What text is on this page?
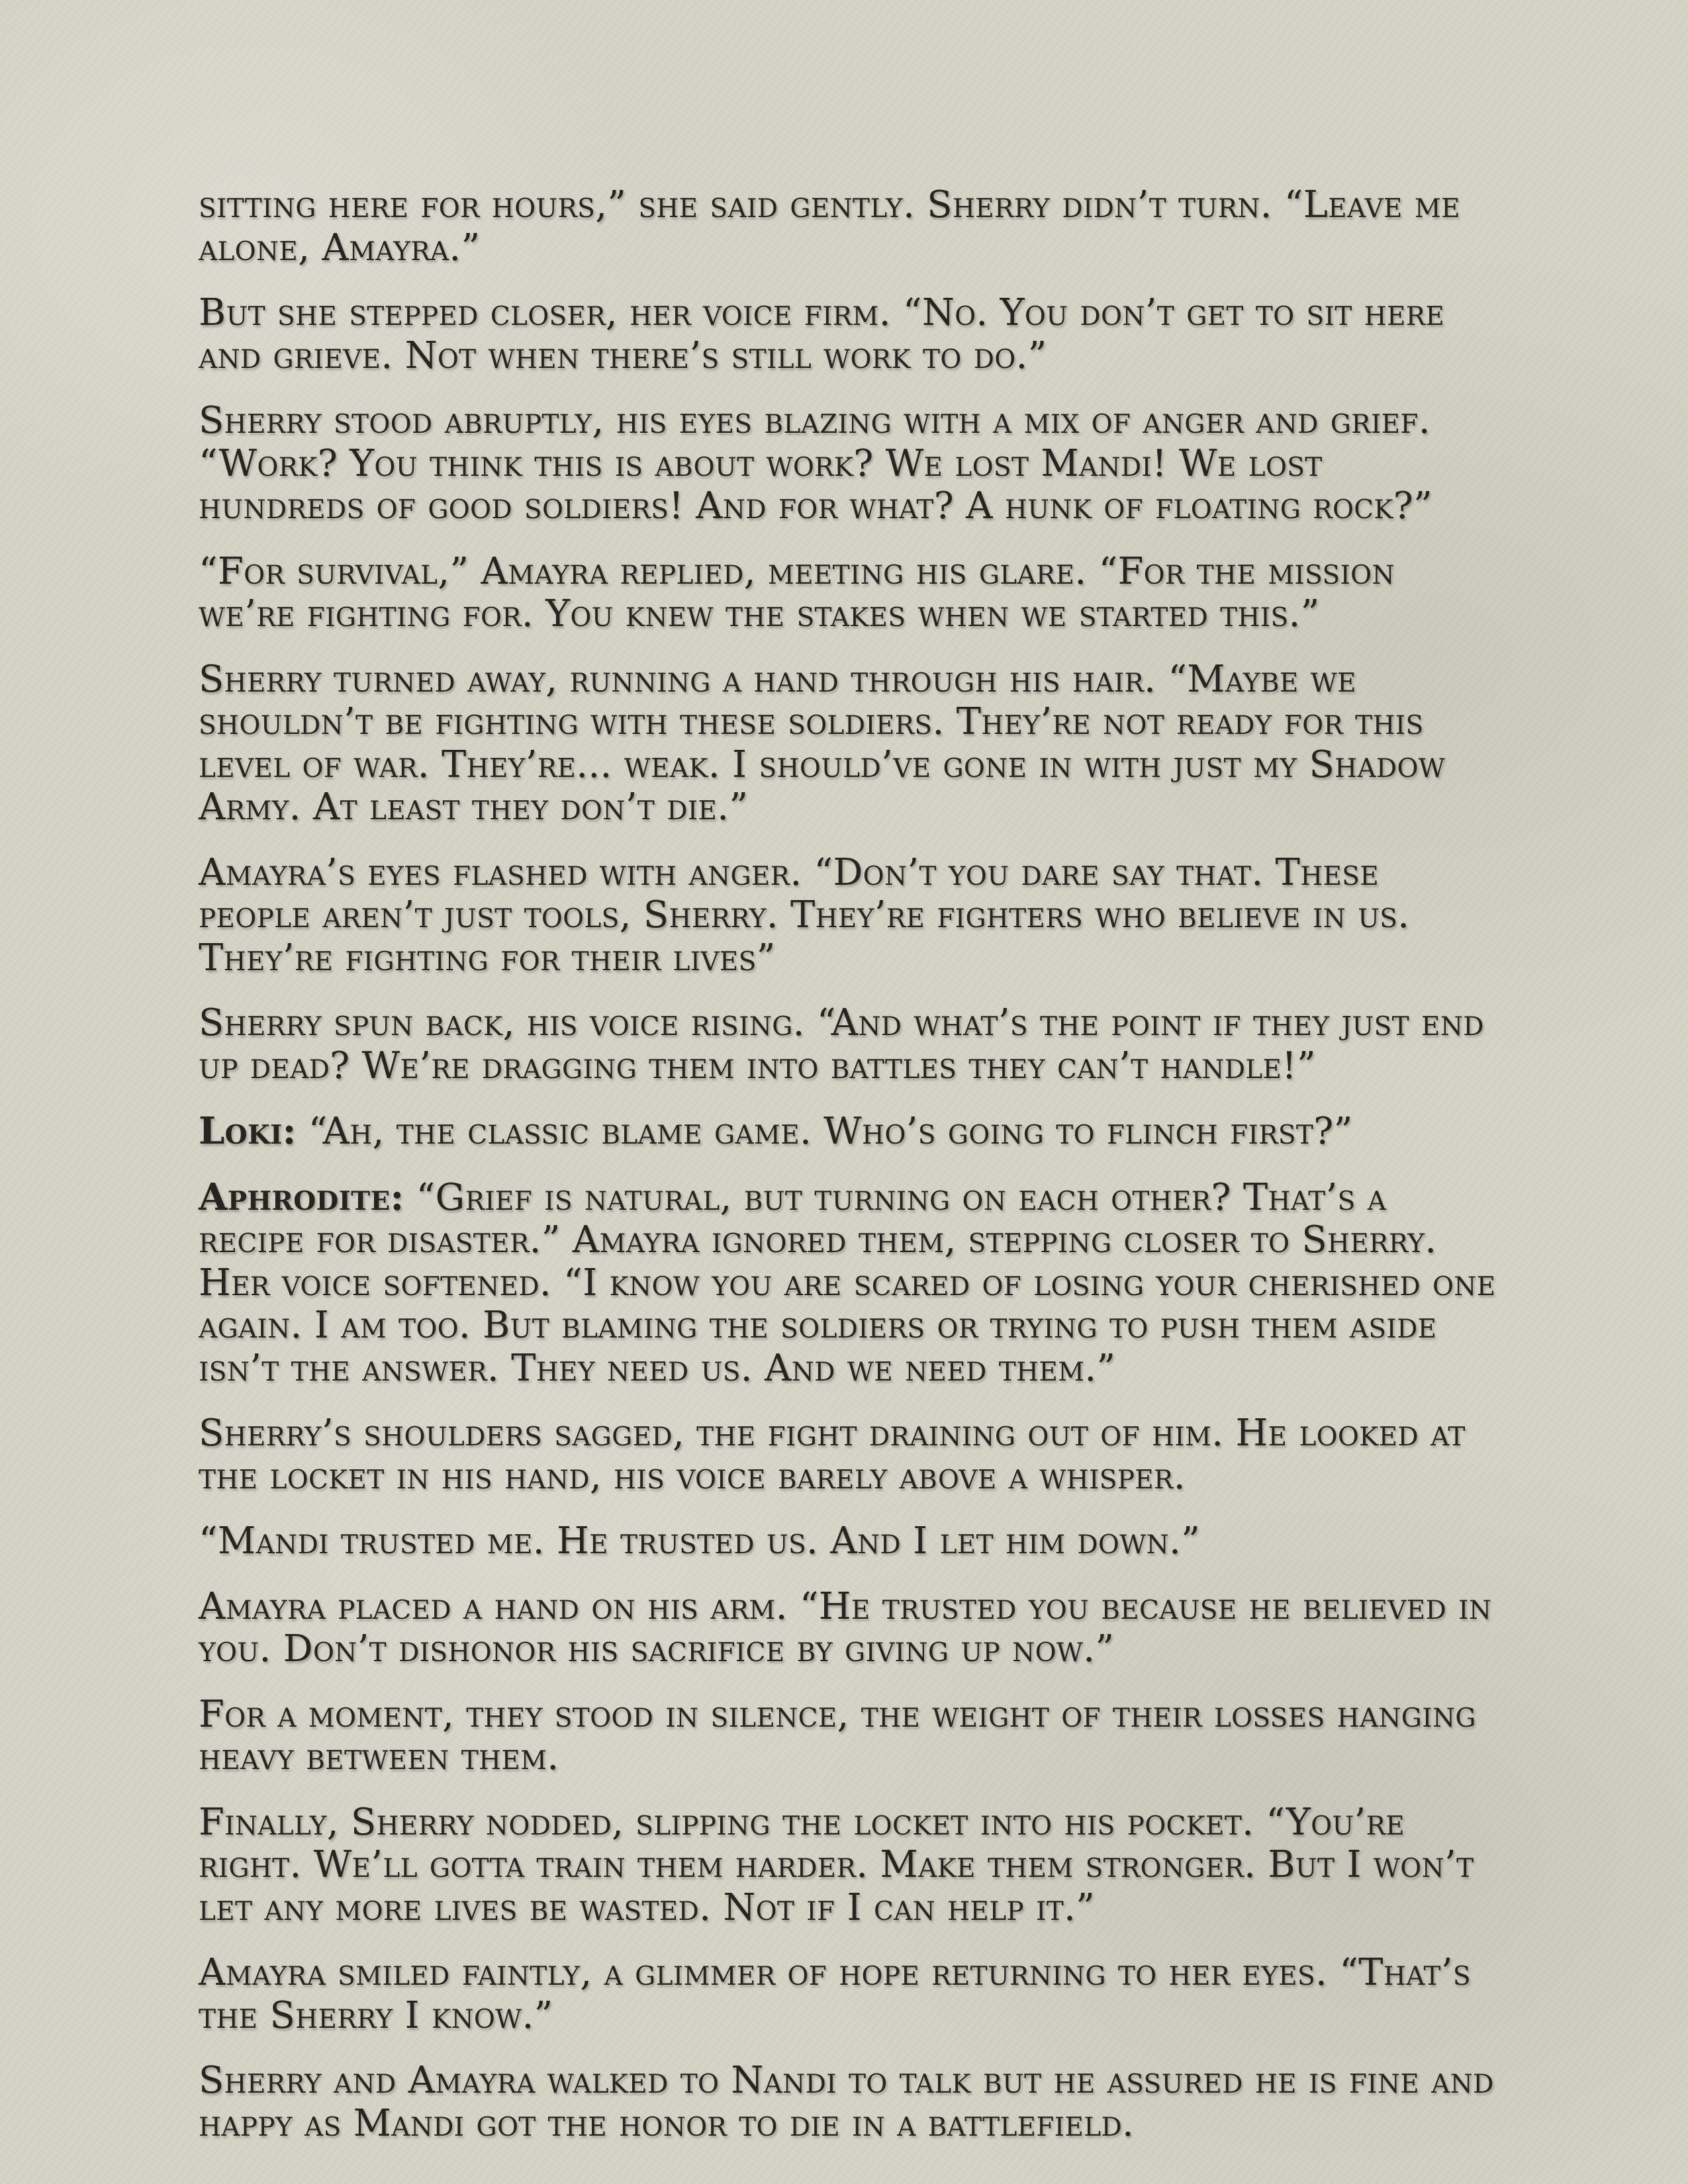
sitting here for hours,” she said gently. Sherry didn’t turn. “Leave me alone, Amayra.”

But she stepped closer, her voice firm. “No. You don’t get to sit here and grieve. Not when there’s still work to do.”

Sherry stood abruptly, his eyes blazing with a mix of anger and grief. “Work? You think this is about work? We lost Mandi! We lost hundreds of good soldiers! And for what? A hunk of floating rock?”

“For survival,” Amayra replied, meeting his glare. “For the mission we’re fighting for. You knew the stakes when we started this.”

Sherry turned away, running a hand through his hair. “Maybe we shouldn’t be fighting with these soldiers. They’re not ready for this level of war. They’re... weak. I should’ve gone in with just my Shadow Army. At least they don’t die.”

Amayra’s eyes flashed with anger. “Don’t you dare say that. These people aren’t just tools, Sherry. They’re fighters who believe in us. They’re fighting for their lives”

Sherry spun back, his voice rising. “And what’s the point if they just end up dead? We’re dragging them into battles they can’t handle!”

Loki: “Ah, the classic blame game. Who’s going to flinch first?”

Aphrodite: “Grief is natural, but turning on each other? That’s a recipe for disaster.” Amayra ignored them, stepping closer to Sherry. Her voice softened. “I know you are scared of losing your cherished one again. I am too. But blaming the soldiers or trying to push them aside isn’t the answer. They need us. And we need them.”

Sherry’s shoulders sagged, the fight draining out of him. He looked at the locket in his hand, his voice barely above a whisper.

“Mandi trusted me. He trusted us. And I let him down.”

Amayra placed a hand on his arm. “He trusted you because he believed in you. Don’t dishonor his sacrifice by giving up now.”

For a moment, they stood in silence, the weight of their losses hanging heavy between them.

Finally, Sherry nodded, slipping the locket into his pocket. “You’re right. We’ll gotta train them harder. Make them stronger. But I won’t let any more lives be wasted. Not if I can help it.”

Amayra smiled faintly, a glimmer of hope returning to her eyes. “That’s the Sherry I know.”

Sherry and Amayra walked to Nandi to talk but he assured he is fine and happy as Mandi got the honor to die in a battlefield.
